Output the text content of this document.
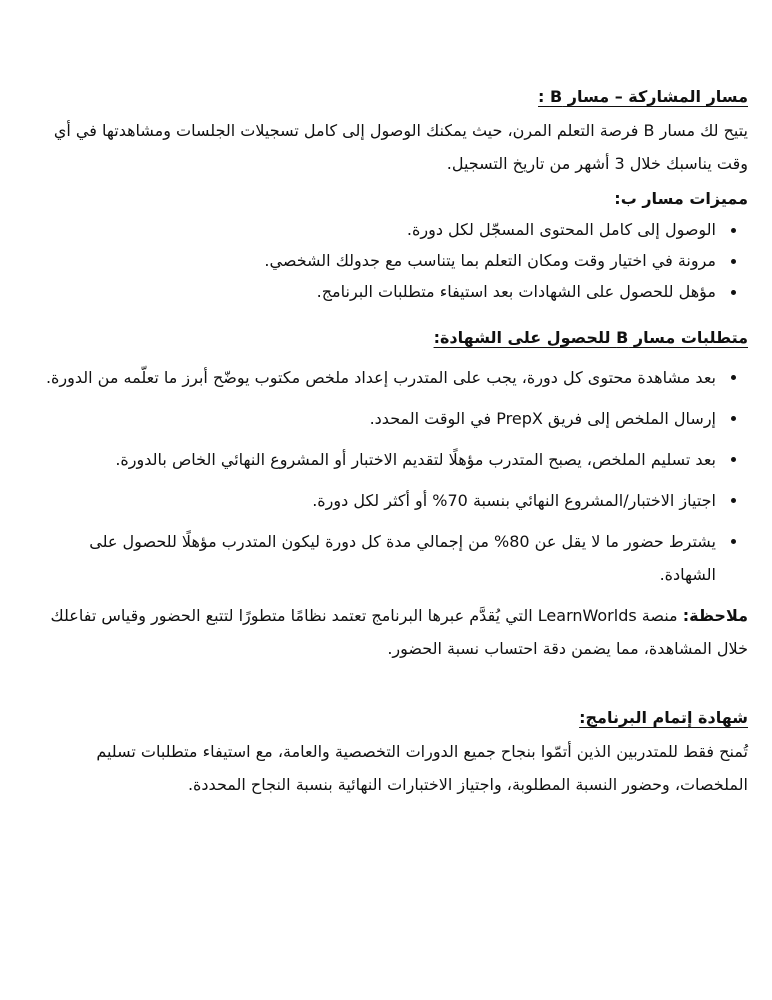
مسار المشاركة – مسار B :

يتيح لك مسار B فرصة التعلم المرن، حيث يمكنك الوصول إلى كامل تسجيلات الجلسات ومشاهدتها في أي وقت يناسبك خلال 3 أشهر من تاريخ التسجيل.

مميزات مسار ب:
الوصول إلى كامل المحتوى المسجّل لكل دورة.
مرونة في اختيار وقت ومكان التعلم بما يتناسب مع جدولك الشخصي.
مؤهل للحصول على الشهادات بعد استيفاء متطلبات البرنامج.
متطلبات مسار B للحصول على الشهادة:
بعد مشاهدة محتوى كل دورة، يجب على المتدرب إعداد ملخص مكتوب يوضّح أبرز ما تعلّمه من الدورة.
إرسال الملخص إلى فريق PrepX في الوقت المحدد.
بعد تسليم الملخص، يصبح المتدرب مؤهلًا لتقديم الاختبار أو المشروع النهائي الخاص بالدورة.
اجتياز الاختبار/المشروع النهائي بنسبة 70% أو أكثر لكل دورة.
يشترط حضور ما لا يقل عن 80% من إجمالي مدة كل دورة ليكون المتدرب مؤهلًا للحصول على الشهادة.

ملاحظة: منصة LearnWorlds التي يُقدَّم عبرها البرنامج تعتمد نظامًا متطورًا لتتبع الحضور وقياس تفاعلك خلال المشاهدة، مما يضمن دقة احتساب نسبة الحضور.

شهادة إتمام البرنامج:

تُمنح فقط للمتدربين الذين أتمّوا بنجاح جميع الدورات التخصصية والعامة، مع استيفاء متطلبات تسليم الملخصات، وحضور النسبة المطلوبة، واجتياز الاختبارات النهائية بنسبة النجاح المحددة.
